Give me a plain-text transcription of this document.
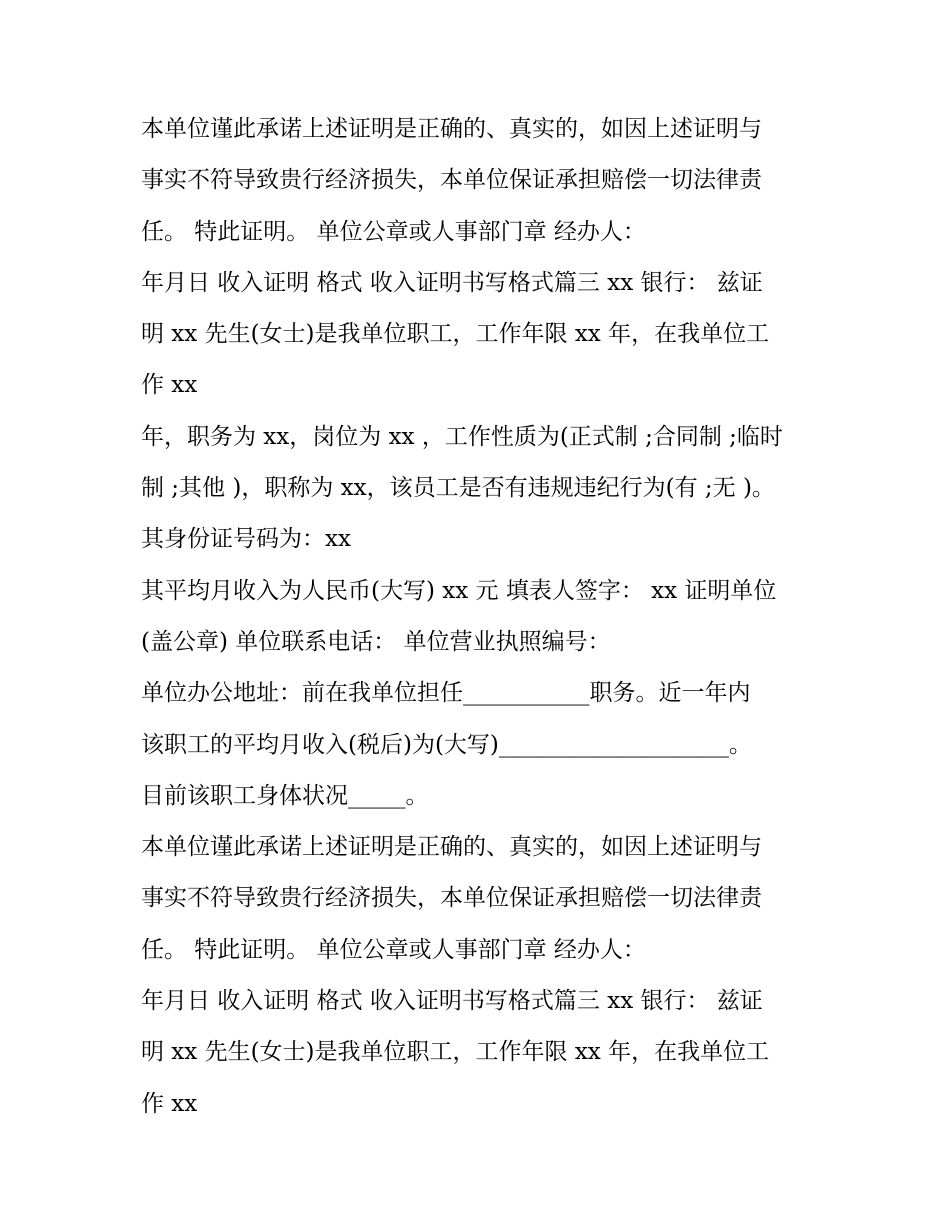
本单位谨此承诺上述证明是正确的、真实的，如因上述证明与
事实不符导致贵行经济损失，本单位保证承担赔偿一切法律责
任。 特此证明。 单位公章或人事部门章 经办人：
年月日 收入证明 格式 收入证明书写格式篇三 xx 银行： 兹证
明 xx 先生(女士)是我单位职工，工作年限 xx 年，在我单位工
作 xx
年，职务为 xx，岗位为 xx ，工作性质为(正式制 ;合同制 ;临时
制 ;其他 )，职称为 xx，该员工是否有违规违纪行为(有 ;无 )。
其身份证号码为：xx
其平均月收入为人民币(大写) xx 元 填表人签字： xx 证明单位
(盖公章) 单位联系电话： 单位营业执照编号：
单位办公地址：前在我单位担任___________职务。近一年内
该职工的平均月收入(税后)为(大写)____________________。
目前该职工身体状况_____。
本单位谨此承诺上述证明是正确的、真实的，如因上述证明与
事实不符导致贵行经济损失，本单位保证承担赔偿一切法律责
任。 特此证明。 单位公章或人事部门章 经办人：
年月日 收入证明 格式 收入证明书写格式篇三 xx 银行： 兹证
明 xx 先生(女士)是我单位职工，工作年限 xx 年，在我单位工
作 xx
